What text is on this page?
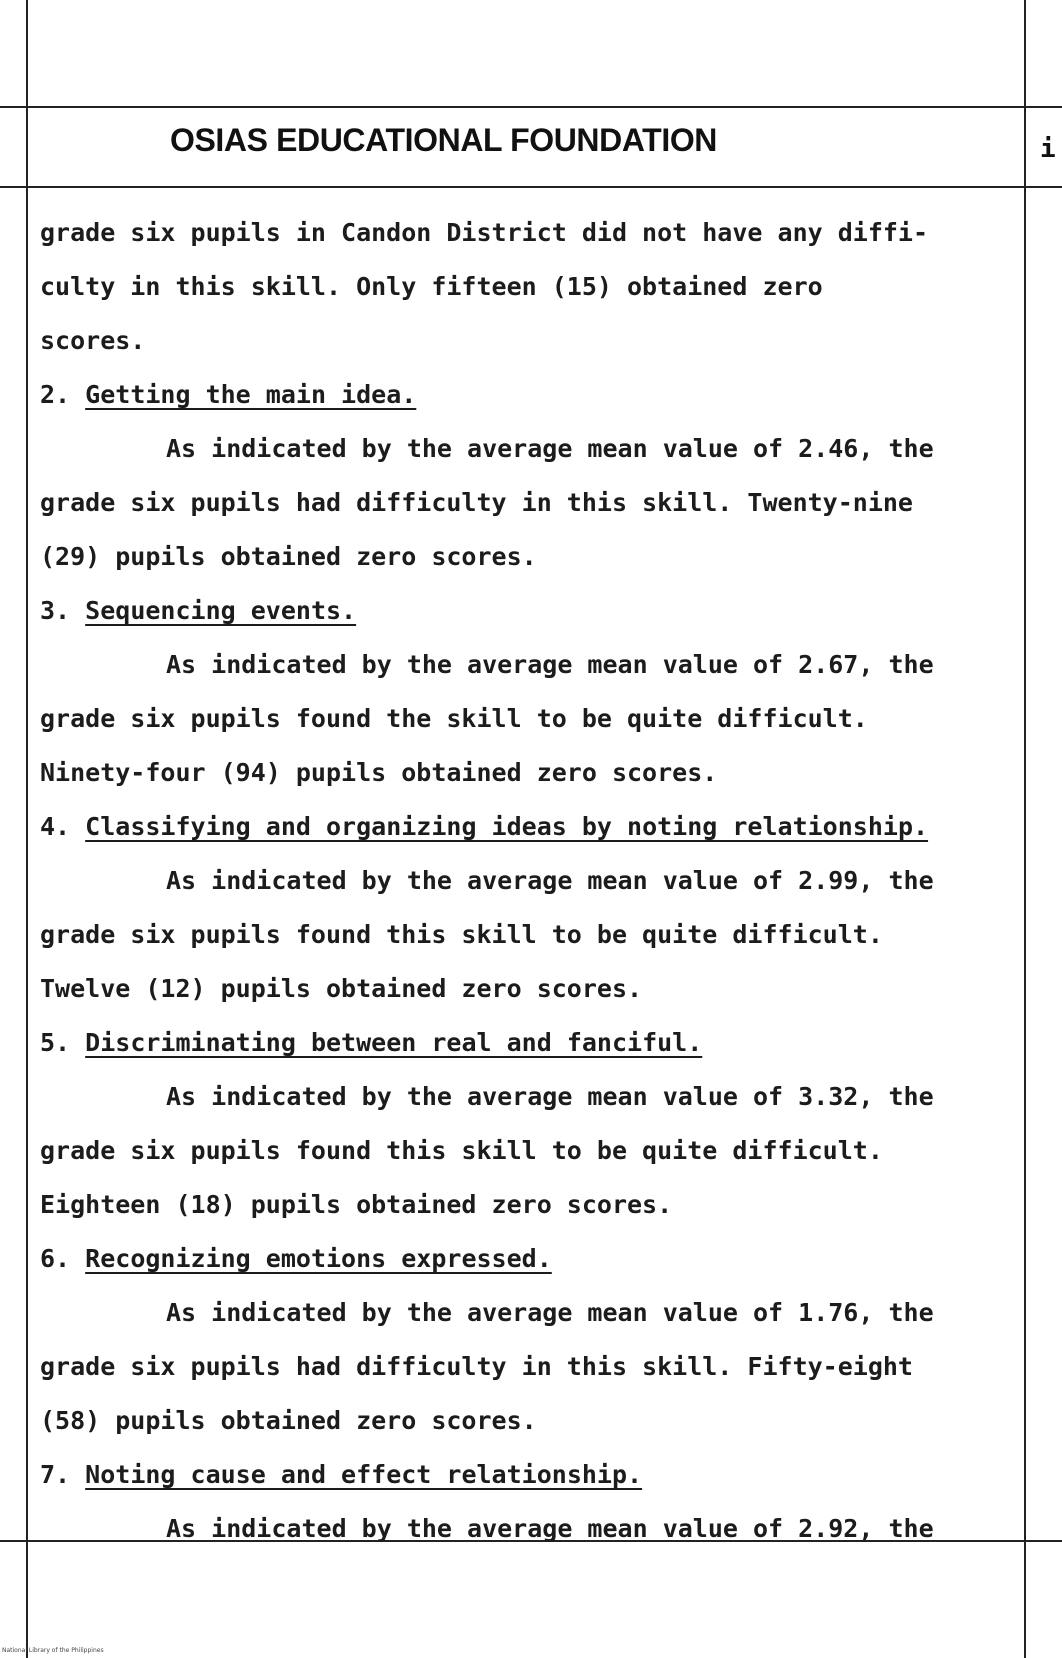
OSIAS EDUCATIONAL FOUNDATION	i
grade six pupils in Candon District did not have any diffi-
culty in this skill. Only fifteen (15) obtained zero
scores.
2. Getting the main idea.
As indicated by the average mean value of 2.46, the
grade six pupils had difficulty in this skill. Twenty-nine
(29) pupils obtained zero scores.
3. Sequencing events.
As indicated by the average mean value of 2.67, the
grade six pupils found the skill to be quite difficult.
Ninety-four (94) pupils obtained zero scores.
4. Classifying and organizing ideas by noting relationship.
As indicated by the average mean value of 2.99, the
grade six pupils found this skill to be quite difficult.
Twelve (12) pupils obtained zero scores.
5. Discriminating between real and fanciful.
As indicated by the average mean value of 3.32, the
grade six pupils found this skill to be quite difficult.
Eighteen (18) pupils obtained zero scores.
6. Recognizing emotions expressed.
As indicated by the average mean value of 1.76, the
grade six pupils had difficulty in this skill. Fifty-eight
(58) pupils obtained zero scores.
7. Noting cause and effect relationship.
As indicated by the average mean value of 2.92, the
National Library of the Philippines
